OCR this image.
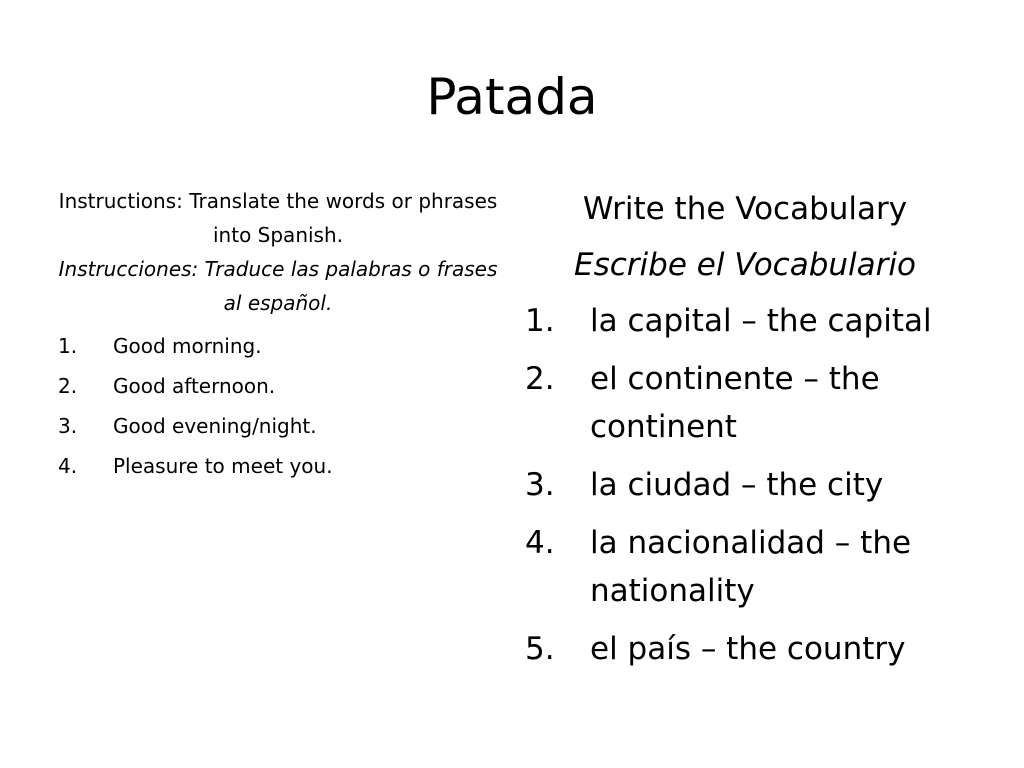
Patada

Instructions: Translate the words or phrases into Spanish.

Instrucciones: Traduce las palabras o frases al español.

1.	Good morning.
2.	Good afternoon.
3.	Good evening/night.
4.	Pleasure to meet you.

Write the Vocabulary

Escribe el Vocabulario

1.	la capital – the capital
2.	el continente – the continent
3.	la ciudad – the city
4.	la nacionalidad – the nationality
5.	el país – the country
